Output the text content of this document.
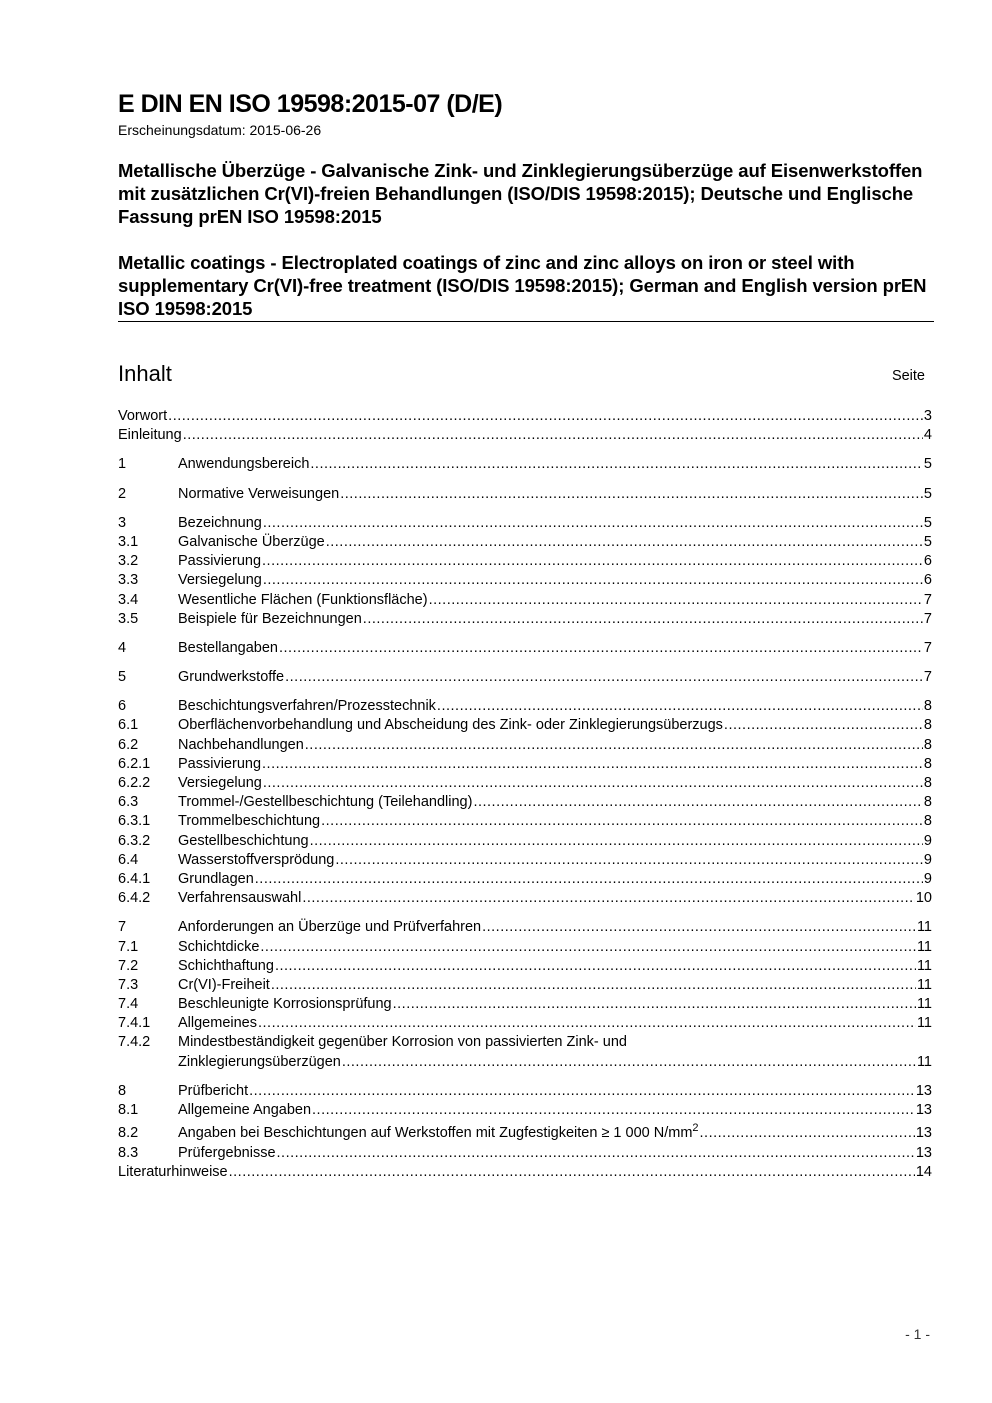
E DIN EN ISO 19598:2015-07 (D/E)
Erscheinungsdatum: 2015-06-26
Metallische Überzüge - Galvanische Zink- und Zinklegierungsüberzüge auf Eisenwerkstoffen mit zusätzlichen Cr(VI)-freien Behandlungen (ISO/DIS 19598:2015); Deutsche und Englische Fassung prEN ISO 19598:2015
Metallic coatings - Electroplated coatings of zinc and zinc alloys on iron or steel with supplementary Cr(VI)-free treatment (ISO/DIS 19598:2015); German and English version prEN ISO 19598:2015
Inhalt	Seite
Vorwort .....	3
Einleitung .....	4
1	Anwendungsbereich .....	5
2	Normative Verweisungen .....	5
3	Bezeichnung .....	5
3.1	Galvanische Überzüge .....	5
3.2	Passivierung .....	6
3.3	Versiegelung .....	6
3.4	Wesentliche Flächen (Funktionsfläche) .....	7
3.5	Beispiele für Bezeichnungen .....	7
4	Bestellangaben .....	7
5	Grundwerkstoffe .....	7
6	Beschichtungsverfahren/Prozesstechnik .....	8
6.1	Oberflächenvorbehandlung und Abscheidung des Zink- oder Zinklegierungsüberzugs .....	8
6.2	Nachbehandlungen .....	8
6.2.1	Passivierung .....	8
6.2.2	Versiegelung .....	8
6.3	Trommel-/Gestellbeschichtung (Teilehandling) .....	8
6.3.1	Trommelbeschichtung .....	8
6.3.2	Gestellbeschichtung .....	9
6.4	Wasserstoffversprödung .....	9
6.4.1	Grundlagen .....	9
6.4.2	Verfahrensauswahl .....	10
7	Anforderungen an Überzüge und Prüfverfahren .....	11
7.1	Schichtdicke .....	11
7.2	Schichthaftung .....	11
7.3	Cr(VI)-Freiheit .....	11
7.4	Beschleunigte Korrosionsprüfung .....	11
7.4.1	Allgemeines .....	11
7.4.2	Mindestbeständigkeit gegenüber Korrosion von passivierten Zink- und
Zinklegierungsüberzügen .....	11
8	Prüfbericht .....	13
8.1	Allgemeine Angaben .....	13
8.2	Angaben bei Beschichtungen auf Werkstoffen mit Zugfestigkeiten ≥ 1 000 $N/mm^2$ .....	13
8.3	Prüfergebnisse .....	13
Literaturhinweise .....	14
- 1 -
